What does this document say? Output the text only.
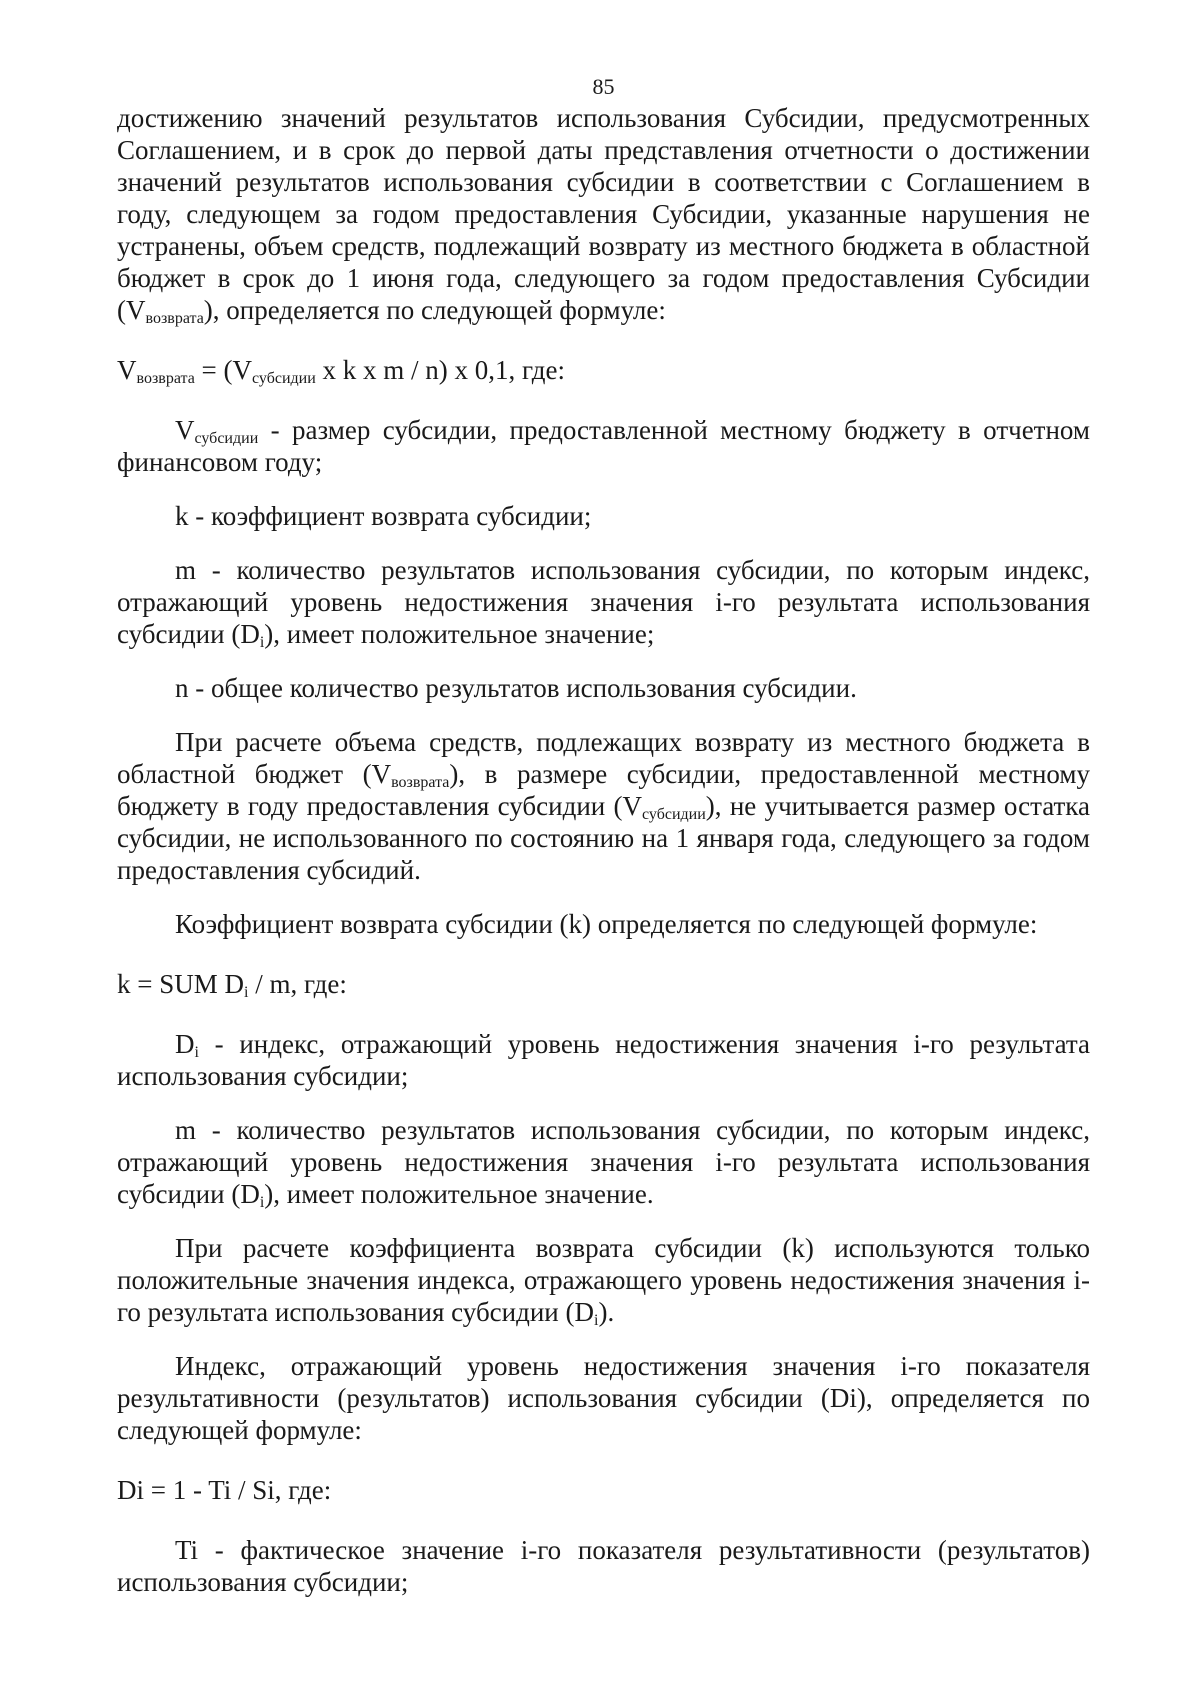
85

достижению значений результатов использования Субсидии, предусмотренных Соглашением, и в срок до первой даты представления отчетности о достижении значений результатов использования субсидии в соответствии с Соглашением в году, следующем за годом предоставления Субсидии, указанные нарушения не устранены, объем средств, подлежащий возврату из местного бюджета в областной бюджет в срок до 1 июня года, следующего за годом предоставления Субсидии $(V_{возврата})$, определяется по следующей формуле:

$V_{возврата} = (V_{субсидии}$ x k x m / n) x 0,1, где:

$V_{субсидии}$ - размер субсидии, предоставленной местному бюджету в отчетном финансовом году;

k - коэффициент возврата субсидии;

m - количество результатов использования субсидии, по которым индекс, отражающий уровень недостижения значения i-го результата использования субсидии $(D_i)$, имеет положительное значение;

n - общее количество результатов использования субсидии.

При расчете объема средств, подлежащих возврату из местного бюджета в областной бюджет $(V_{возврата})$, в размере субсидии, предоставленной местному бюджету в году предоставления субсидии $(V_{субсидии})$, не учитывается размер остатка субсидии, не использованного по состоянию на 1 января года, следующего за годом предоставления субсидий.

Коэффициент возврата субсидии (k) определяется по следующей формуле:

k = SUM $D_i$ / m, где:

$D_i$ - индекс, отражающий уровень недостижения значения i-го результата использования субсидии;

m - количество результатов использования субсидии, по которым индекс, отражающий уровень недостижения значения i-го результата использования субсидии $(D_i)$, имеет положительное значение.

При расчете коэффициента возврата субсидии (k) используются только положительные значения индекса, отражающего уровень недостижения значения i-го результата использования субсидии $(D_i)$.

Индекс, отражающий уровень недостижения значения i-го показателя результативности (результатов) использования субсидии (Di), определяется по следующей формуле:

Di = 1 - Ti / Si, где:

Ti - фактическое значение i-го показателя результативности (результатов) использования субсидии;
